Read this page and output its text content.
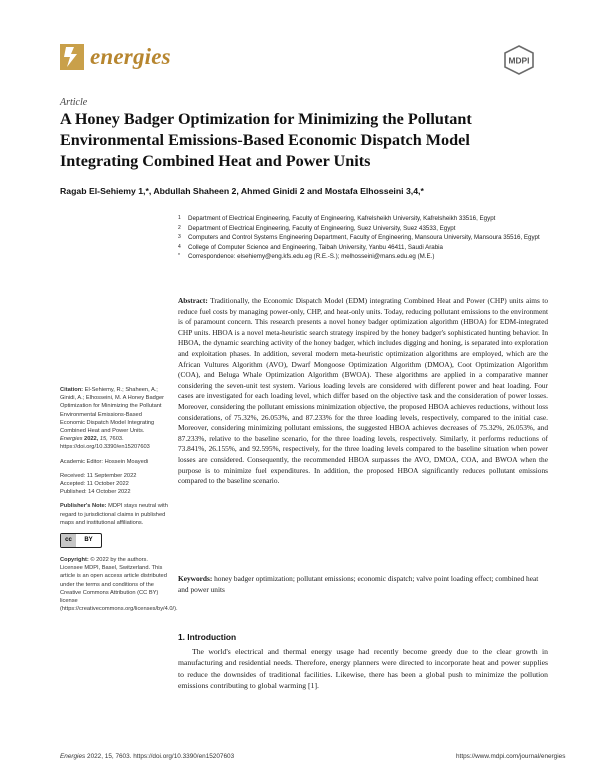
energies	MDPI
Article
A Honey Badger Optimization for Minimizing the Pollutant Environmental Emissions-Based Economic Dispatch Model Integrating Combined Heat and Power Units
Ragab El-Sehiemy 1,*, Abdullah Shaheen 2, Ahmed Ginidi 2 and Mostafa Elhosseini 3,4,*
1 Department of Electrical Engineering, Faculty of Engineering, Kafrelsheikh University, Kafrelsheikh 33516, Egypt
2 Department of Electrical Engineering, Faculty of Engineering, Suez University, Suez 43533, Egypt
3 Computers and Control Systems Engineering Department, Faculty of Engineering, Mansoura University, Mansoura 35516, Egypt
4 College of Computer Science and Engineering, Taibah University, Yanbu 46411, Saudi Arabia
* Correspondence: elsehiemy@eng.kfs.edu.eg (R.E.-S.); melhosseini@mans.edu.eg (M.E.)
Abstract: Traditionally, the Economic Dispatch Model (EDM) integrating Combined Heat and Power (CHP) units aims to reduce fuel costs by managing power-only, CHP, and heat-only units. Today, reducing pollutant emissions to the environment is of paramount concern. This research presents a novel honey badger optimization algorithm (HBOA) for EDM-integrated CHP units. HBOA is a novel meta-heuristic search strategy inspired by the honey badger's sophisticated hunting behavior. In HBOA, the dynamic searching activity of the honey badger, which includes digging and honing, is separated into exploration and exploitation phases. In addition, several modern meta-heuristic optimization algorithms are employed, which are the African Vultures Algorithm (AVO), Dwarf Mongoose Optimization Algorithm (DMOA), Coot Optimization Algorithm (COA), and Beluga Whale Optimization Algorithm (BWOA). These algorithms are applied in a comparative manner considering the seven-unit test system. Various loading levels are considered with different power and heat loading. Four cases are investigated for each loading level, which differ based on the objective task and the consideration of power losses. Moreover, considering the pollutant emissions minimization objective, the proposed HBOA achieves reductions, without loss considerations, of 75.32%, 26.053%, and 87.233% for the three loading levels, respectively, compared to the initial case. Moreover, considering minimizing pollutant emissions, the suggested HBOA achieves decreases of 75.32%, 26.053%, and 87.233%, relative to the baseline scenario, for the three loading levels, respectively. Similarly, it performs reductions of 73.841%, 26.155%, and 92.595%, respectively, for the three loading levels compared to the baseline situation when power losses are considered. Consequently, the recommended HBOA surpasses the AVO, DMOA, COA, and BWOA when the purpose is to minimize fuel expenditures. In addition, the proposed HBOA significantly reduces pollutant emissions compared to the baseline scenario.
Keywords: honey badger optimization; pollutant emissions; economic dispatch; valve point loading effect; combined heat and power units
1. Introduction
The world's electrical and thermal energy usage had recently become greedy due to the clear growth in manufacturing and residential needs. Therefore, energy planners were directed to incorporate heat and power supplies to reduce the downsides of traditional facilities. Likewise, there has been a global push to minimize the pollution emissions contributing to global warming [1].
Citation: El-Sehiemy, R.; Shaheen, A.; Ginidi, A.; Elhosseini, M. A Honey Badger Optimization for Minimizing the Pollutant Environmental Emissions-Based Economic Dispatch Model Integrating Combined Heat and Power Units. Energies 2022, 15, 7603. https://doi.org/10.3390/en15207603
Academic Editor: Hossein Moayedi
Received: 11 September 2022
Accepted: 11 October 2022
Published: 14 October 2022
Publisher's Note: MDPI stays neutral with regard to jurisdictional claims in published maps and institutional affiliations.
cc	BY
Copyright: © 2022 by the authors. Licensee MDPI, Basel, Switzerland. This article is an open access article distributed under the terms and conditions of the Creative Commons Attribution (CC BY) license (https://creativecommons.org/licenses/by/4.0/).
Energies 2022, 15, 7603. https://doi.org/10.3390/en15207603	https://www.mdpi.com/journal/energies
